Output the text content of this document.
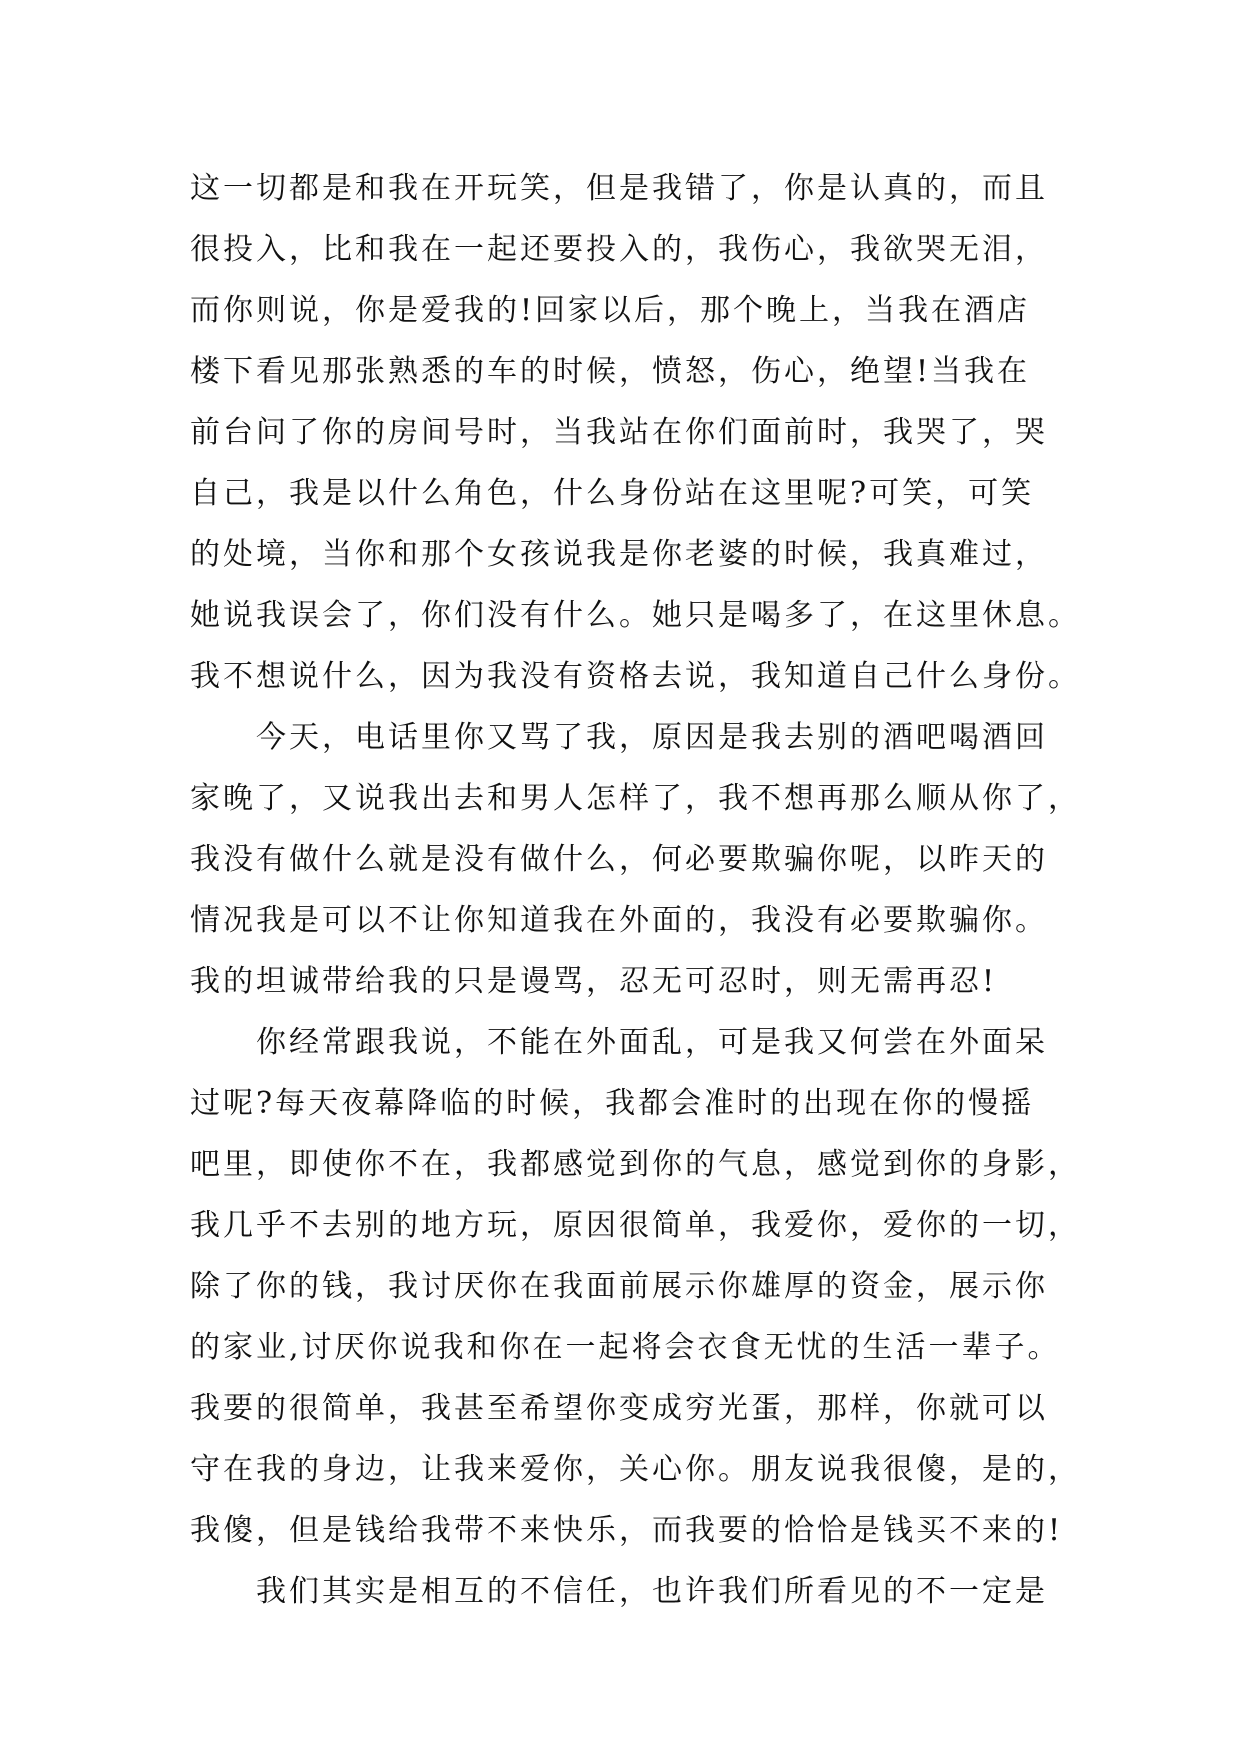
这一切都是和我在开玩笑，但是我错了，你是认真的，而且
很投入，比和我在一起还要投入的，我伤心，我欲哭无泪，
而你则说，你是爱我的!回家以后，那个晚上，当我在酒店
楼下看见那张熟悉的车的时候，愤怒，伤心，绝望!当我在
前台问了你的房间号时，当我站在你们面前时，我哭了，哭
自己，我是以什么角色，什么身份站在这里呢?可笑，可笑
的处境，当你和那个女孩说我是你老婆的时候，我真难过，
她说我误会了，你们没有什么。她只是喝多了，在这里休息。
我不想说什么，因为我没有资格去说，我知道自己什么身份。
今天，电话里你又骂了我，原因是我去别的酒吧喝酒回
家晚了，又说我出去和男人怎样了，我不想再那么顺从你了，
我没有做什么就是没有做什么，何必要欺骗你呢，以昨天的
情况我是可以不让你知道我在外面的，我没有必要欺骗你。
我的坦诚带给我的只是谩骂，忍无可忍时，则无需再忍!
你经常跟我说，不能在外面乱，可是我又何尝在外面呆
过呢?每天夜幕降临的时候，我都会准时的出现在你的慢摇
吧里，即使你不在，我都感觉到你的气息，感觉到你的身影，
我几乎不去别的地方玩，原因很简单，我爱你，爱你的一切，
除了你的钱，我讨厌你在我面前展示你雄厚的资金，展示你
的家业,讨厌你说我和你在一起将会衣食无忧的生活一辈子。
我要的很简单，我甚至希望你变成穷光蛋，那样，你就可以
守在我的身边，让我来爱你，关心你。朋友说我很傻，是的，
我傻，但是钱给我带不来快乐，而我要的恰恰是钱买不来的!
我们其实是相互的不信任，也许我们所看见的不一定是
